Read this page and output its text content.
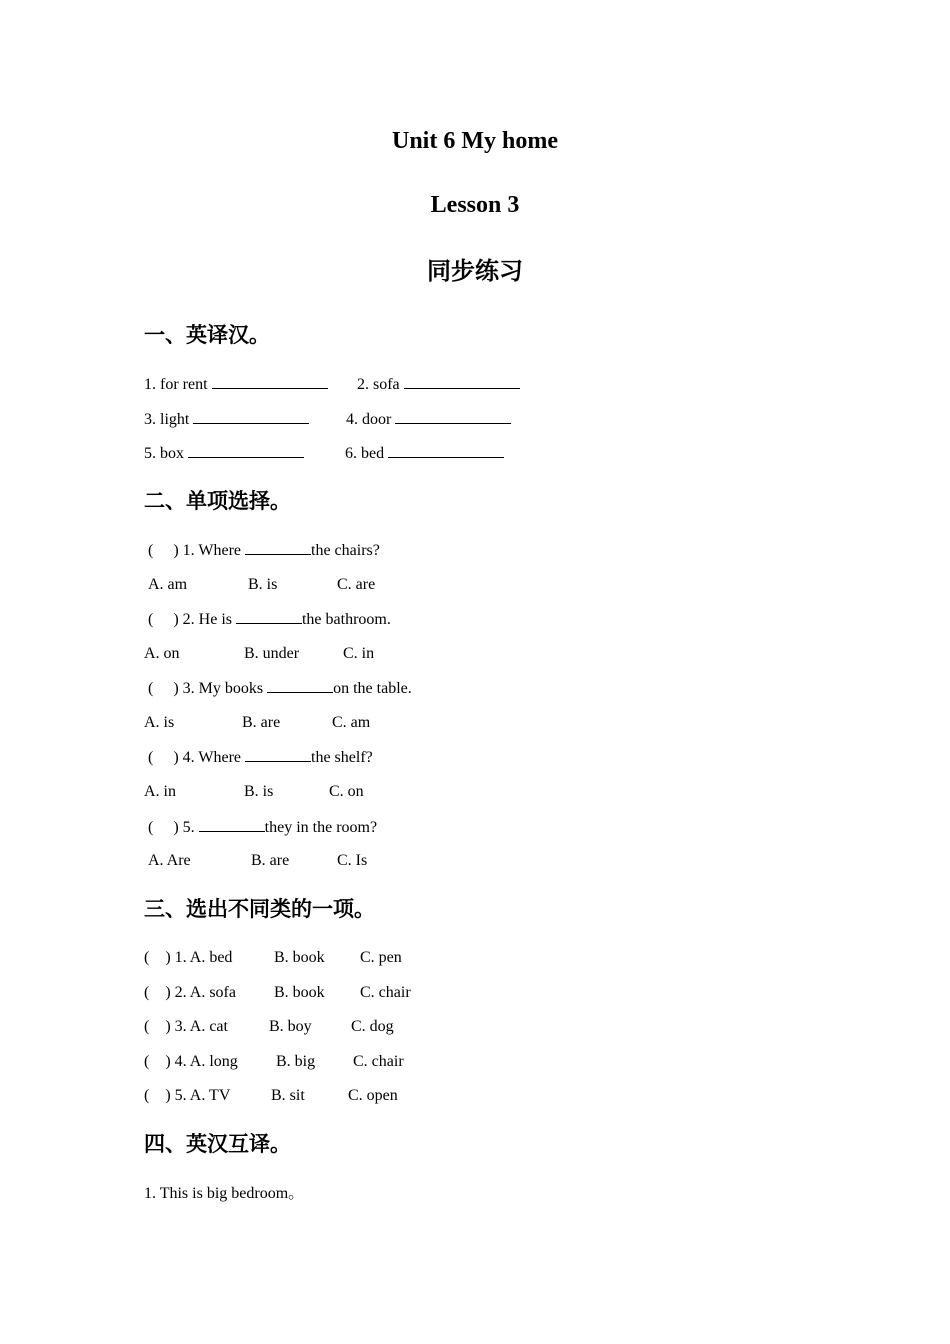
Unit 6 My home
Lesson 3
同步练习
一、英译汉。
1. for rent	2. sofa
3. light	4. door
5. box	6. bed
二、单项选择。
(     ) 1. Where	the chairs?
A. am	B. is	C. are
(     ) 2. He is	the bathroom.
A. on	B. under	C. in
(     ) 3. My books	on the table.
A. is	B. are	C. am
(     ) 4. Where	the shelf?
A. in	B. is	C. on
(     ) 5.	they in the room?
A. Are	B. are	C. Is
三、选出不同类的一项。
(    ) 1. A. bed	B. book C. pen
(    ) 2. A. sofa B. book C. chair
(    ) 3. A. cat	B. boy C. dog
(    ) 4. A. long B. big C. chair
(    ) 5. A. TV	B. sit	C. open
四、英汉互译。
1. This is big bedroom。
